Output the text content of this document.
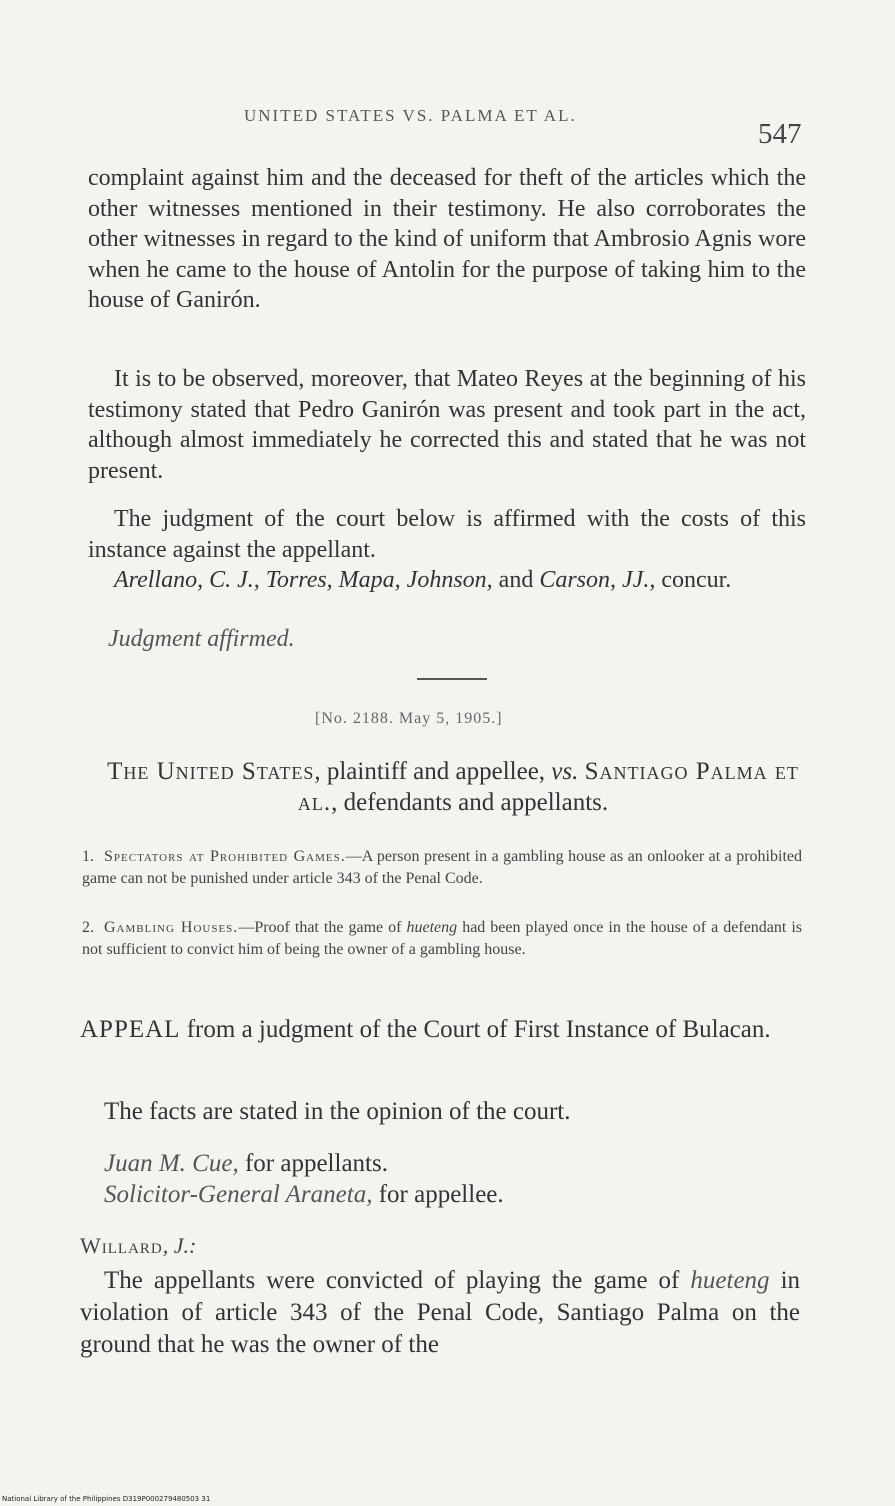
UNITED STATES VS. PALMA ET AL.
547
complaint against him and the deceased for theft of the articles which the other witnesses mentioned in their testimony. He also corroborates the other witnesses in regard to the kind of uniform that Ambrosio Agnis wore when he came to the house of Antolin for the purpose of taking him to the house of Ganirón.
It is to be observed, moreover, that Mateo Reyes at the beginning of his testimony stated that Pedro Ganirón was present and took part in the act, although almost immediately he corrected this and stated that he was not present.
The judgment of the court below is affirmed with the costs of this instance against the appellant.
Arellano, C. J., Torres, Mapa, Johnson, and Carson, JJ., concur.
Judgment affirmed.
[No. 2188. May 5, 1905.]
The United States, plaintiff and appellee, vs. Santiago Palma et al., defendants and appellants.
1. Spectators at Prohibited Games.—A person present in a gambling house as an onlooker at a prohibited game can not be punished under article 343 of the Penal Code.
2. Gambling Houses.—Proof that the game of hueteng had been played once in the house of a defendant is not sufficient to convict him of being the owner of a gambling house.
APPEAL from a judgment of the Court of First Instance of Bulacan.
The facts are stated in the opinion of the court.
Juan M. Cue, for appellants.
Solicitor-General Araneta, for appellee.
Willard, J.:
The appellants were convicted of playing the game of hueteng in violation of article 343 of the Penal Code, Santiago Palma on the ground that he was the owner of the
National Library of the Philippines D319P000279480503 31
